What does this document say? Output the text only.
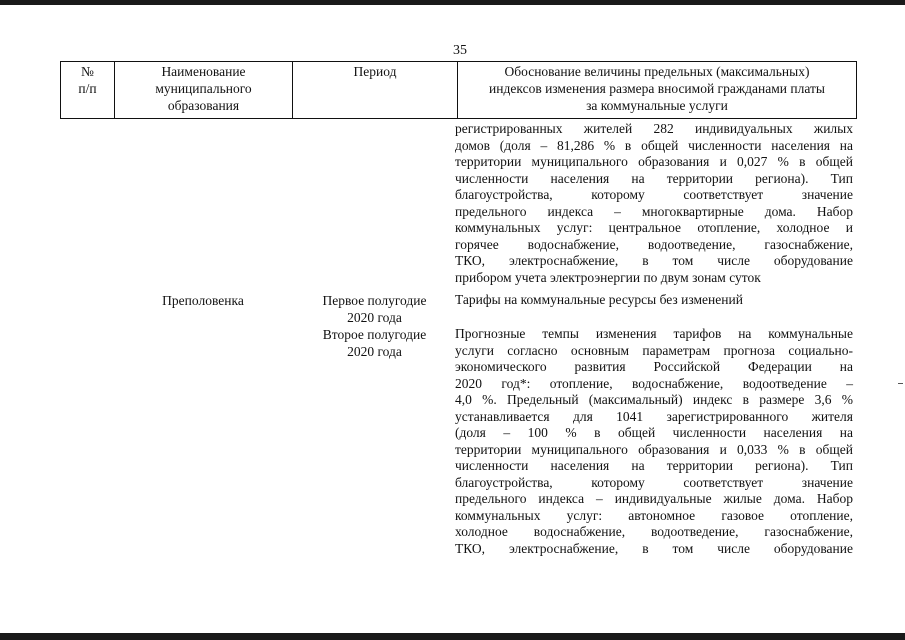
35
№
п/п
Наименование
муниципального
образования
Период	Обоснование величины предельных (максимальных)
индексов изменения размера вносимой гражданами платы
за коммунальные услуги
регистрированных жителей 282 индивидуальных жилых
домов (доля – 81,286 % в общей численности населения на
территории муниципального образования и 0,027 % в общей
численности населения на территории региона). Тип
благоустройства, которому соответствует значение
предельного индекса – многоквартирные дома. Набор
коммунальных услуг: центральное отопление, холодное и
горячее водоснабжение, водоотведение, газоснабжение,
ТКО, электроснабжение, в том числе оборудование
прибором учета электроэнергии по двум зонам суток
Преполовенка	Первое полугодие
2020 года
Тарифы на коммунальные ресурсы без изменений
Второе полугодие
2020 года
Прогнозные темпы изменения тарифов на коммунальные
услуги согласно основным параметрам прогноза социально-
экономического развития Российской Федерации на
2020 год*: отопление, водоснабжение, водоотведение –
4,0 %. Предельный (максимальный) индекс в размере 3,6 %
устанавливается для 1041 зарегистрированного жителя
(доля – 100 % в общей численности населения на
территории муниципального образования и 0,033 % в общей
численности населения на территории региона). Тип
благоустройства, которому соответствует значение
предельного индекса – индивидуальные жилые дома. Набор
коммунальных услуг: автономное газовое отопление,
холодное водоснабжение, водоотведение, газоснабжение,
ТКО, электроснабжение, в том числе оборудование
